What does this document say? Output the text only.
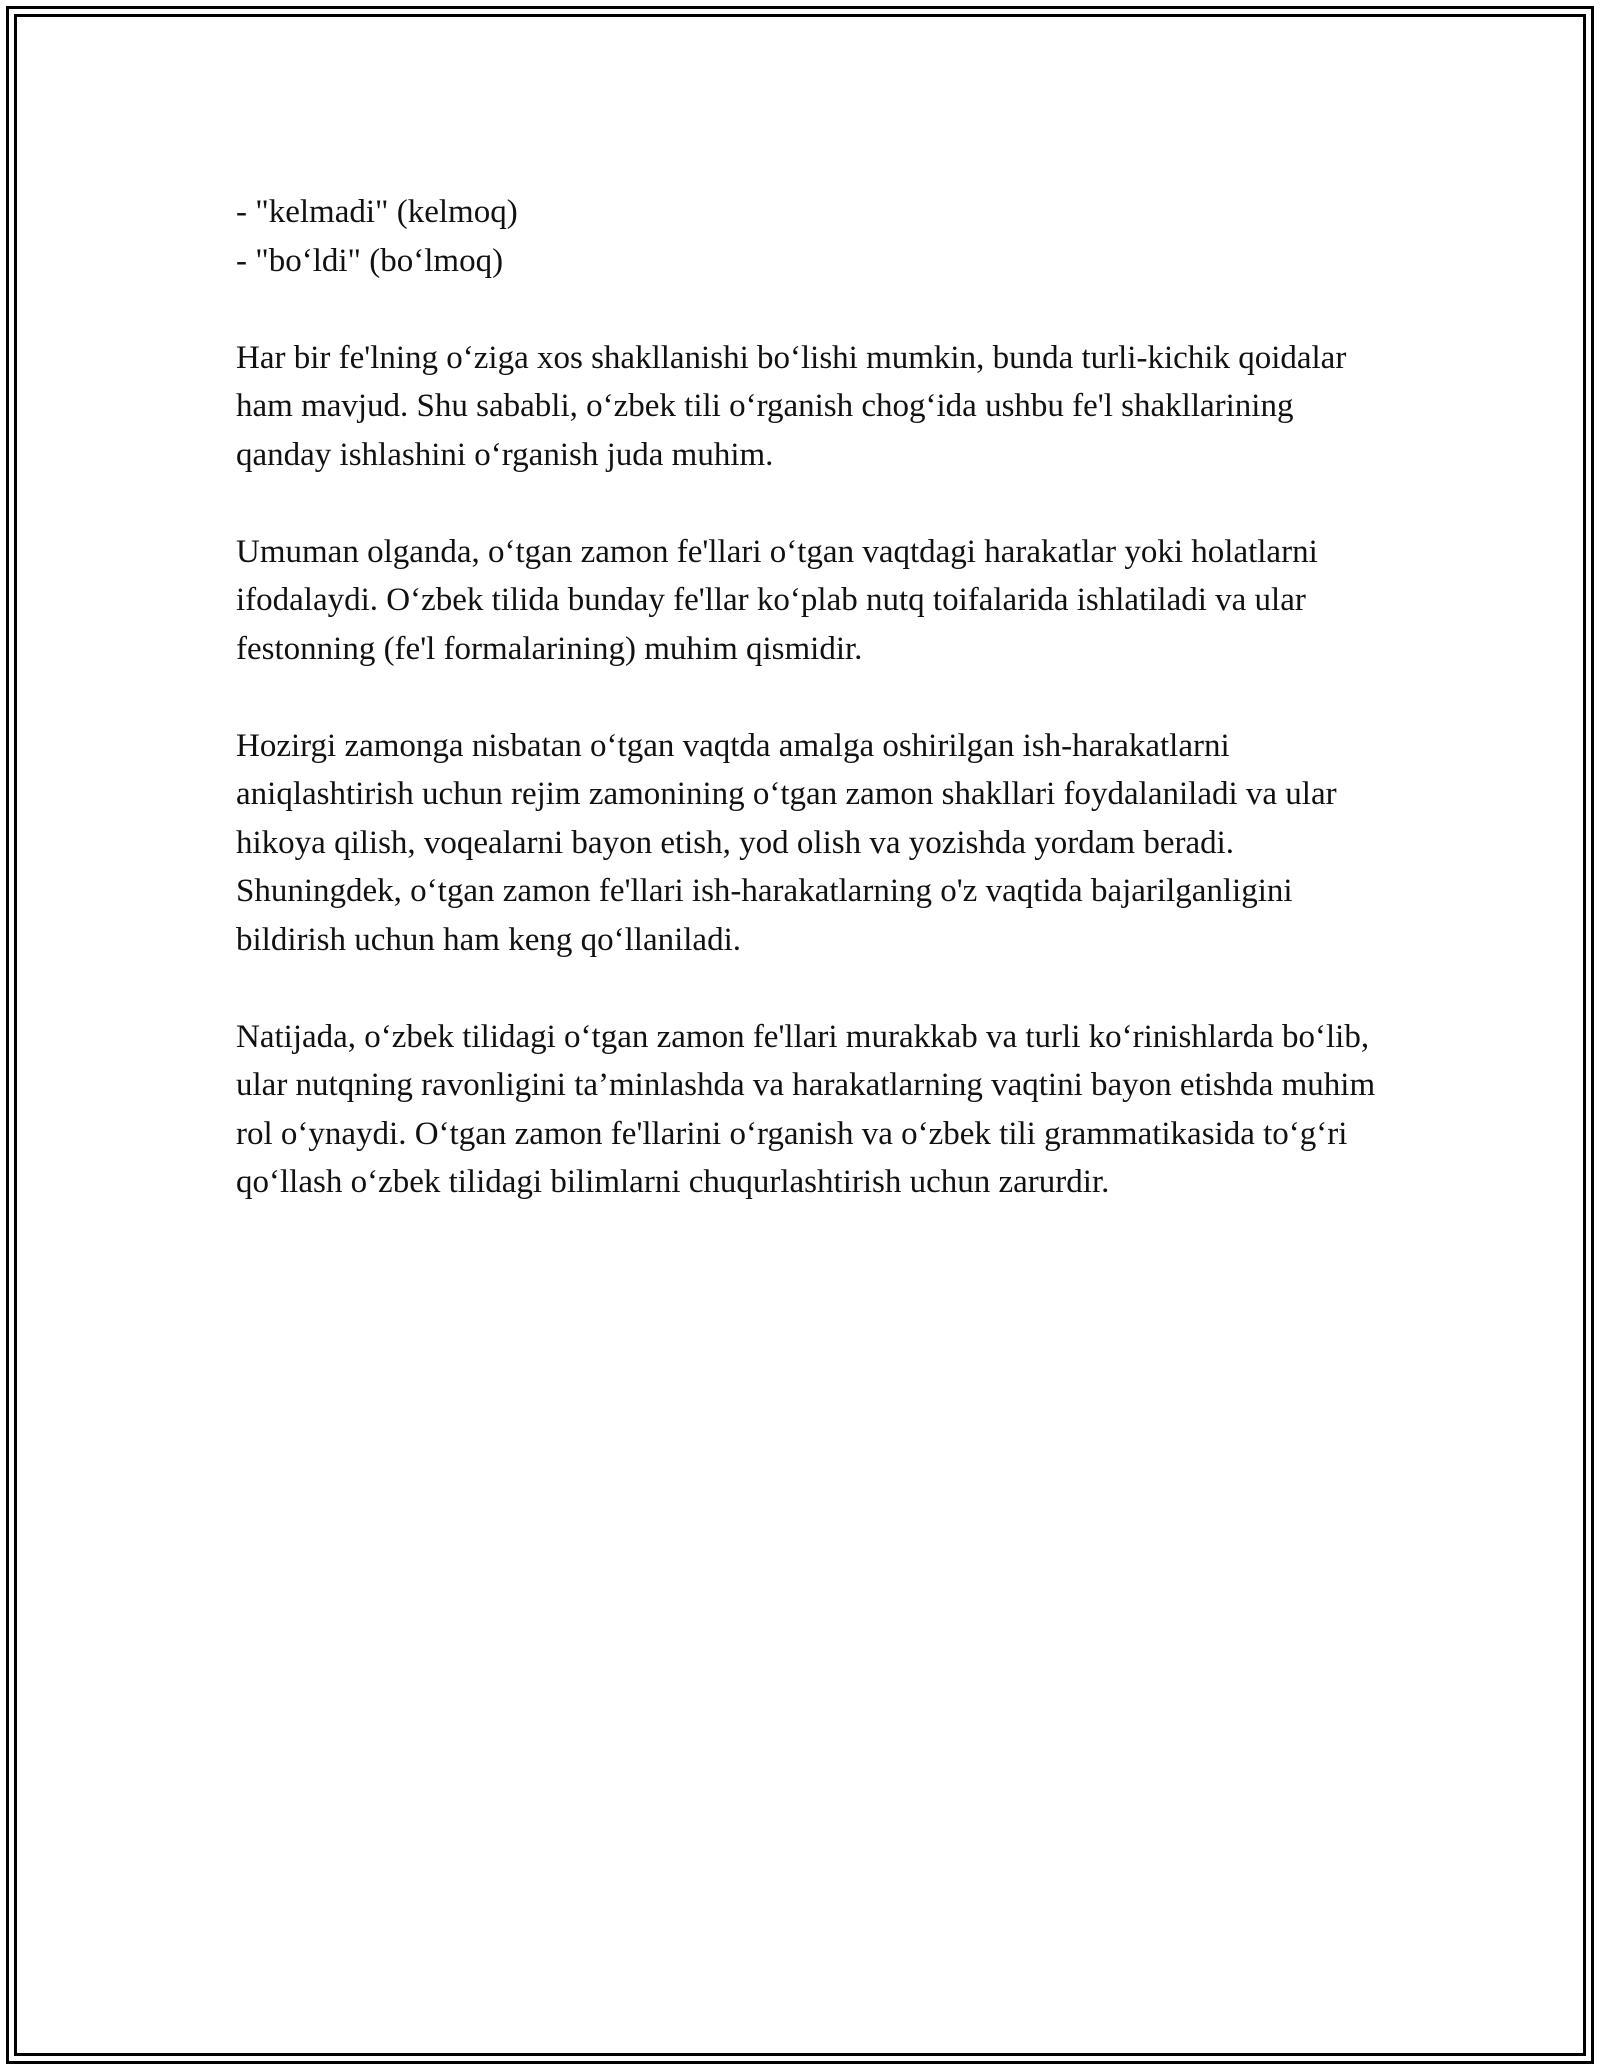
- "kelmadi" (kelmoq)

- "bo‘ldi" (bo‘lmoq)

Har bir fe'lning o‘ziga xos shakllanishi bo‘lishi mumkin, bunda turli-kichik qoidalar ham mavjud. Shu sababli, o‘zbek tili o‘rganish chog‘ida ushbu fe'l shakllarining qanday ishlashini o‘rganish juda muhim.

Umuman olganda, o‘tgan zamon fe'llari o‘tgan vaqtdagi harakatlar yoki holatlarni ifodalaydi. O‘zbek tilida bunday fe'llar ko‘plab nutq toifalarida ishlatiladi va ular festonning (fe'l formalarining) muhim qismidir.

Hozirgi zamonga nisbatan o‘tgan vaqtda amalga oshirilgan ish-harakatlarni aniqlashtirish uchun rejim zamonining o‘tgan zamon shakllari foydalaniladi va ular hikoya qilish, voqealarni bayon etish, yod olish va yozishda yordam beradi. Shuningdek, o‘tgan zamon fe'llari ish-harakatlarning o'z vaqtida bajarilganligini bildirish uchun ham keng qo‘llaniladi.

Natijada, o‘zbek tilidagi o‘tgan zamon fe'llari murakkab va turli ko‘rinishlarda bo‘lib, ular nutqning ravonligini ta’minlashda va harakatlarning vaqtini bayon etishda muhim rol o‘ynaydi. O‘tgan zamon fe'llarini o‘rganish va o‘zbek tili grammatikasida to‘g‘ri qo‘llash o‘zbek tilidagi bilimlarni chuqurlashtirish uchun zarurdir.
